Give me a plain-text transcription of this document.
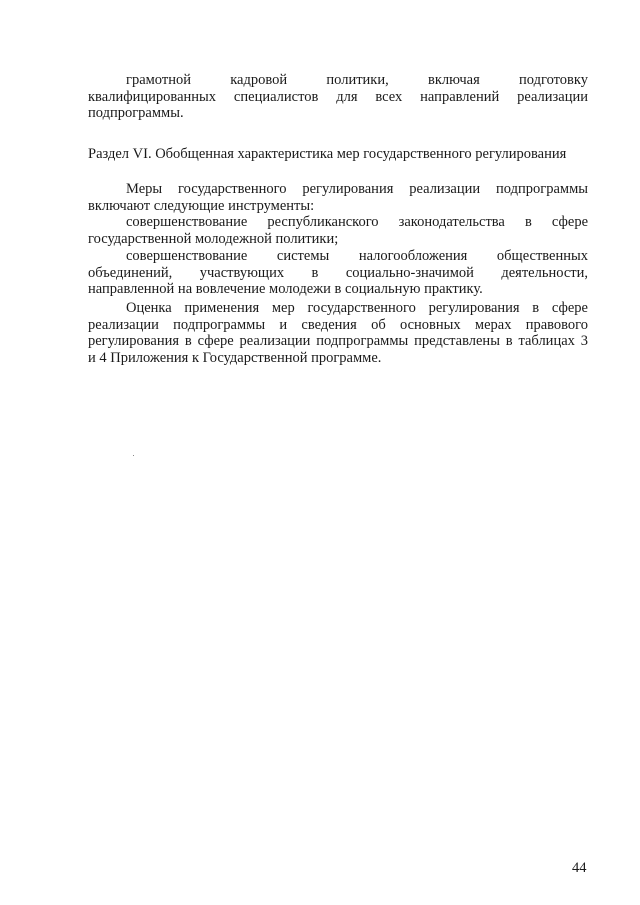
грамотной кадровой политики, включая подготовку
квалифицированных специалистов для всех направлений реализации
подпрограммы.
Раздел VI. Обобщенная характеристика мер государственного регулирования
Меры государственного регулирования реализации подпрограммы
включают следующие инструменты:
совершенствование республиканского законодательства в сфере
государственной молодежной политики;
совершенствование системы налогообложения общественных
объединений, участвующих в социально-значимой деятельности,
направленной на вовлечение молодежи в социальную практику.
Оценка применения мер государственного регулирования в сфере
реализации подпрограммы и сведения об основных мерах правового
регулирования в сфере реализации подпрограммы представлены в таблицах 3
и 4 Приложения к Государственной программе.
44
